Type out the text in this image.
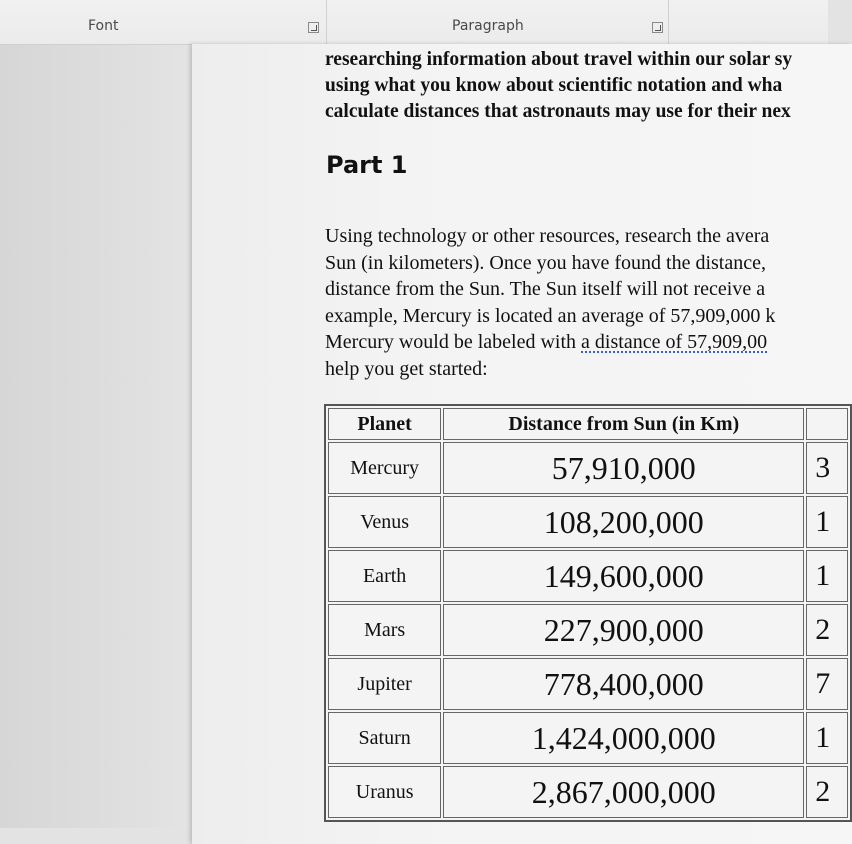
Font	Paragraph
researching information about travel within our solar sy
using what you know about scientific notation and wha
calculate distances that astronauts may use for their nex
Part 1
Using technology or other resources, research the avera
Sun (in kilometers). Once you have found the distance,
distance from the Sun. The Sun itself will not receive a
example, Mercury is located an average of 57,909,000 k
Mercury would be labeled with a distance of 57,909,00
help you get started:
Planet	Distance from Sun (in Km)	
Mercury	57,910,000	3
Venus	108,200,000	1
Earth	149,600,000	1
Mars	227,900,000	2
Jupiter	778,400,000	7
Saturn	1,424,000,000	1
Uranus	2,867,000,000	2
